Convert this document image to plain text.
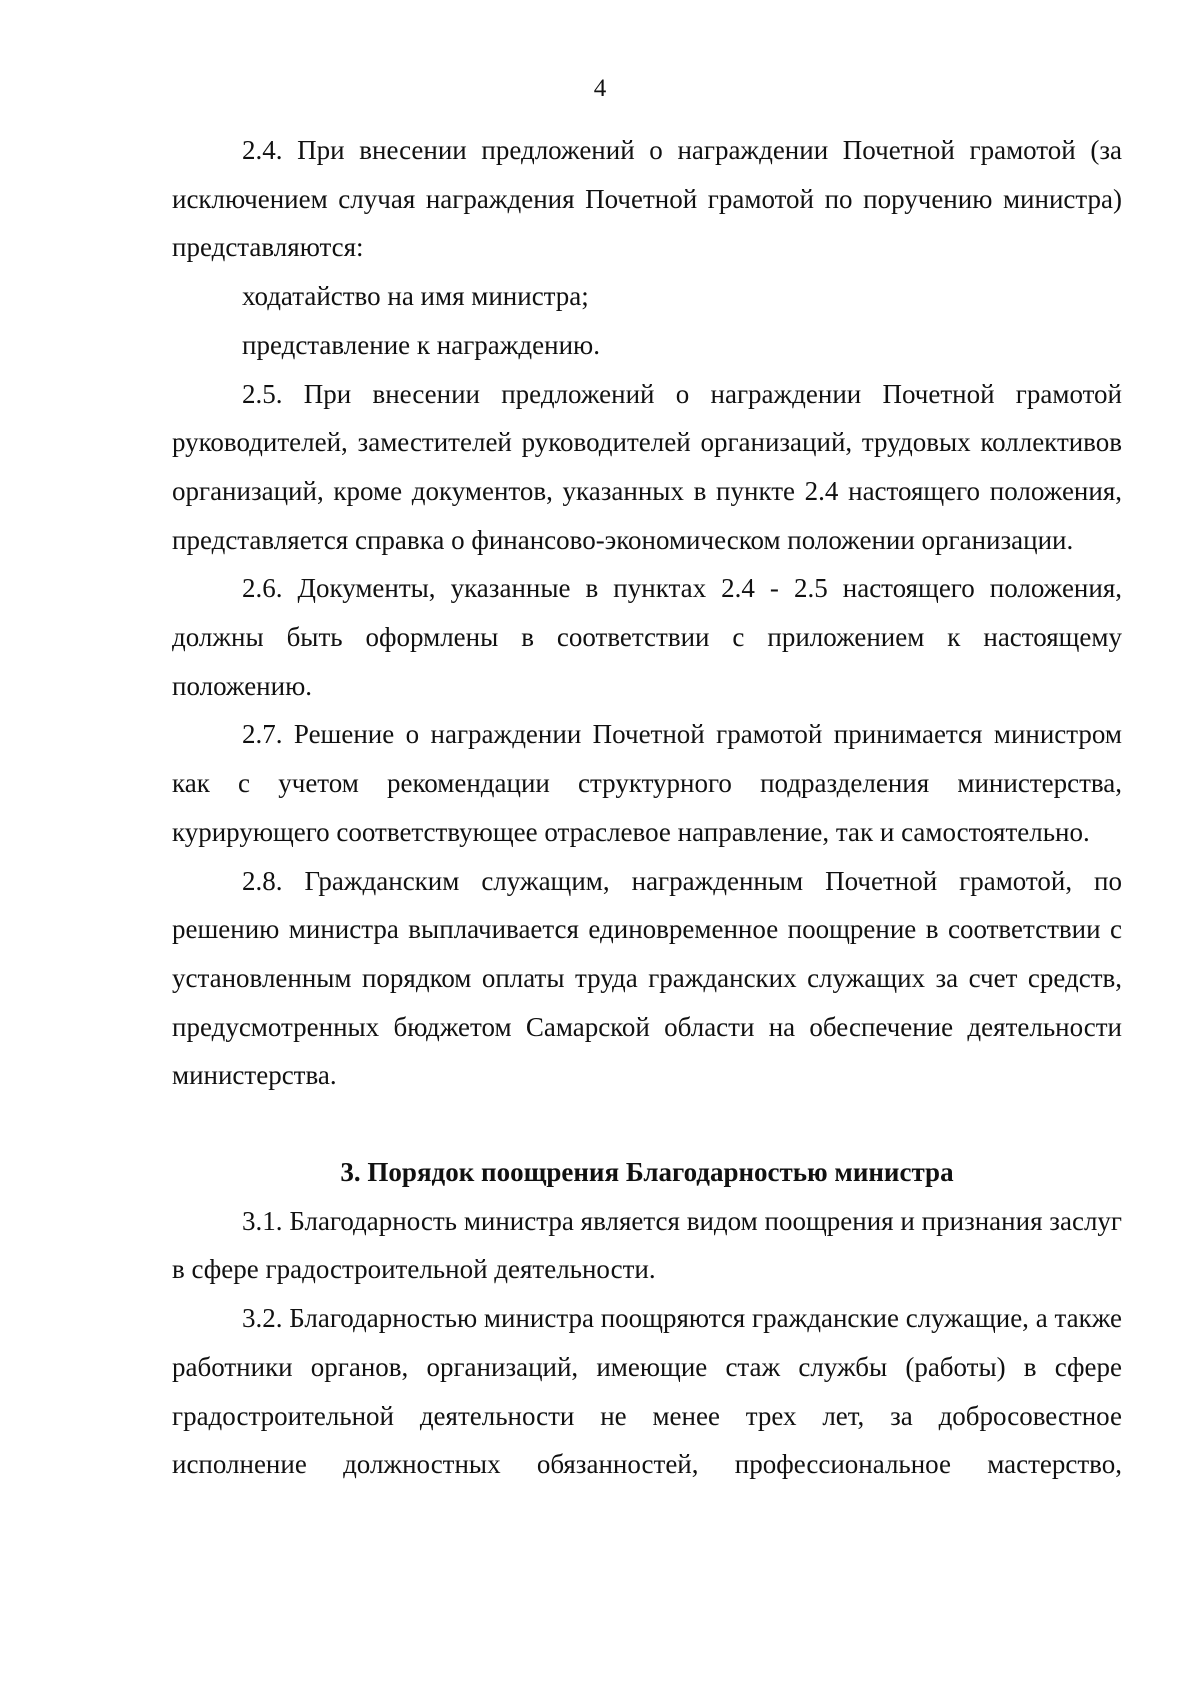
4

2.4. При внесении предложений о награждении Почетной грамотой (за исключением случая награждения Почетной грамотой по поручению министра) представляются:

ходатайство на имя министра;

представление к награждению.

2.5. При внесении предложений о награждении Почетной грамотой руководителей, заместителей руководителей организаций, трудовых коллективов организаций, кроме документов, указанных в пункте 2.4 настоящего положения, представляется справка о финансово-экономическом положении организации.

2.6. Документы, указанные в пунктах 2.4 - 2.5 настоящего положения, должны быть оформлены в соответствии с приложением к настоящему положению.

2.7. Решение о награждении Почетной грамотой принимается министром как с учетом рекомендации структурного подразделения министерства, курирующего соответствующее отраслевое направление, так и самостоятельно.

2.8. Гражданским служащим, награжденным Почетной грамотой, по решению министра выплачивается единовременное поощрение в соответствии с установленным порядком оплаты труда гражданских служащих за счет средств, предусмотренных бюджетом Самарской области на обеспечение деятельности министерства.

3. Порядок поощрения Благодарностью министра

3.1. Благодарность министра является видом поощрения и признания заслуг в сфере градостроительной деятельности.

3.2. Благодарностью министра поощряются гражданские служащие, а также работники органов, организаций, имеющие стаж службы (работы) в сфере градостроительной деятельности не менее трех лет, за добросовестное исполнение должностных обязанностей, профессиональное мастерство,
